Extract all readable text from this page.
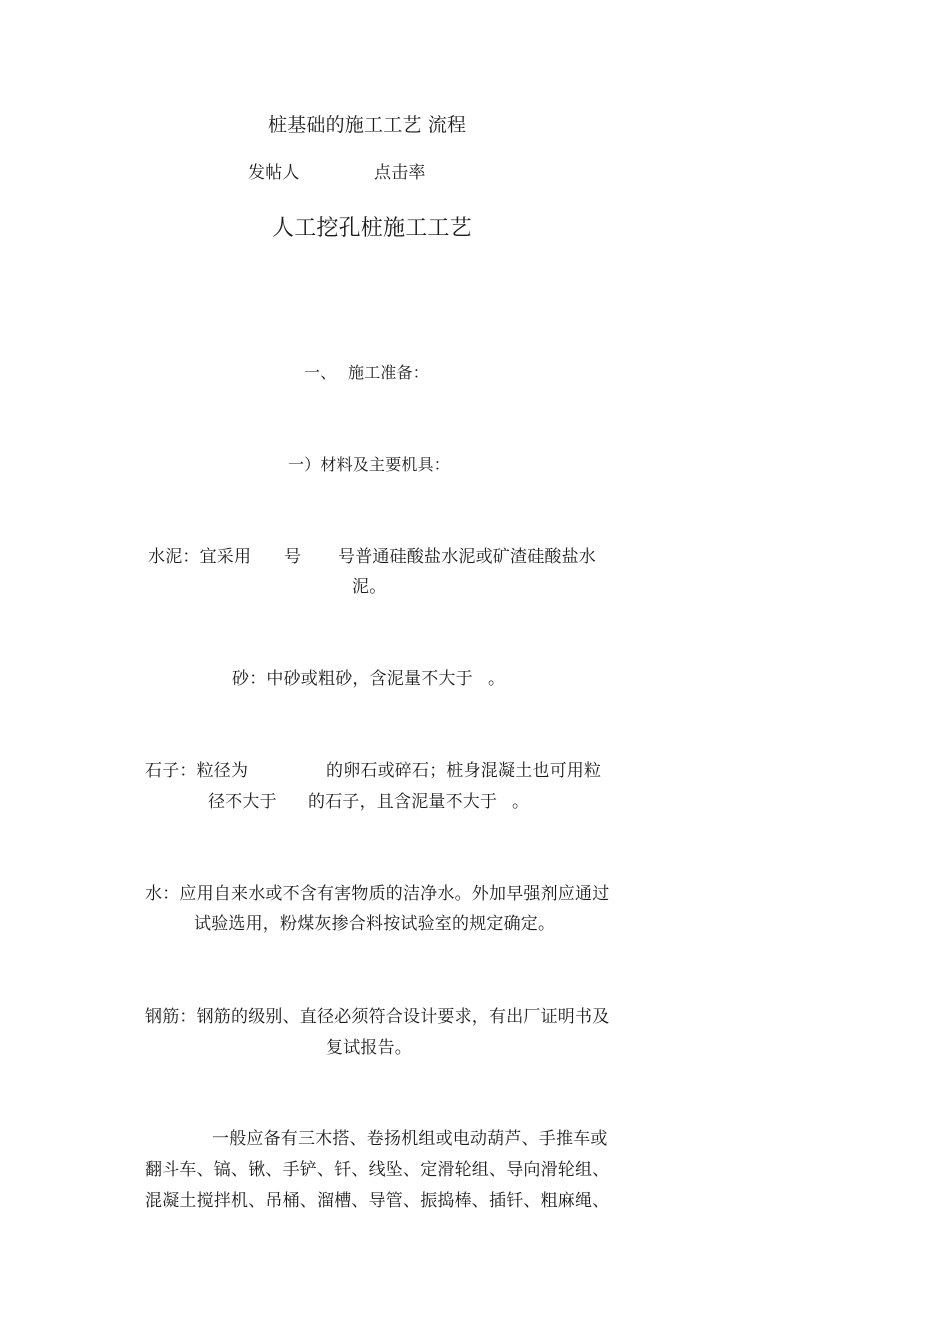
桩基础的施工工艺 流程
发帖人	点击率
人工挖孔桩施工工艺
一、 施工准备：
一）材料及主要机具：
水泥：宜采用 号 号普通硅酸盐水泥或矿渣硅酸盐水
泥。
砂：中砂或粗砂，含泥量不大于 。
石子：粒径为	的卵石或碎石；桩身混凝土也可用粒
径不大于 的石子，且含泥量不大于 。
水：应用自来水或不含有害物质的洁净水。外加早强剂应通过
试验选用，粉煤灰掺合料按试验室的规定确定。
钢筋：钢筋的级别、直径必须符合设计要求，有出厂证明书及
复试报告。
一般应备有三木搭、卷扬机组或电动葫芦、手推车或
翻斗车、镐、锹、手铲、钎、线坠、定滑轮组、导向滑轮组、
混凝土搅拌机、吊桶、溜槽、导管、振捣棒、插钎、粗麻绳、
